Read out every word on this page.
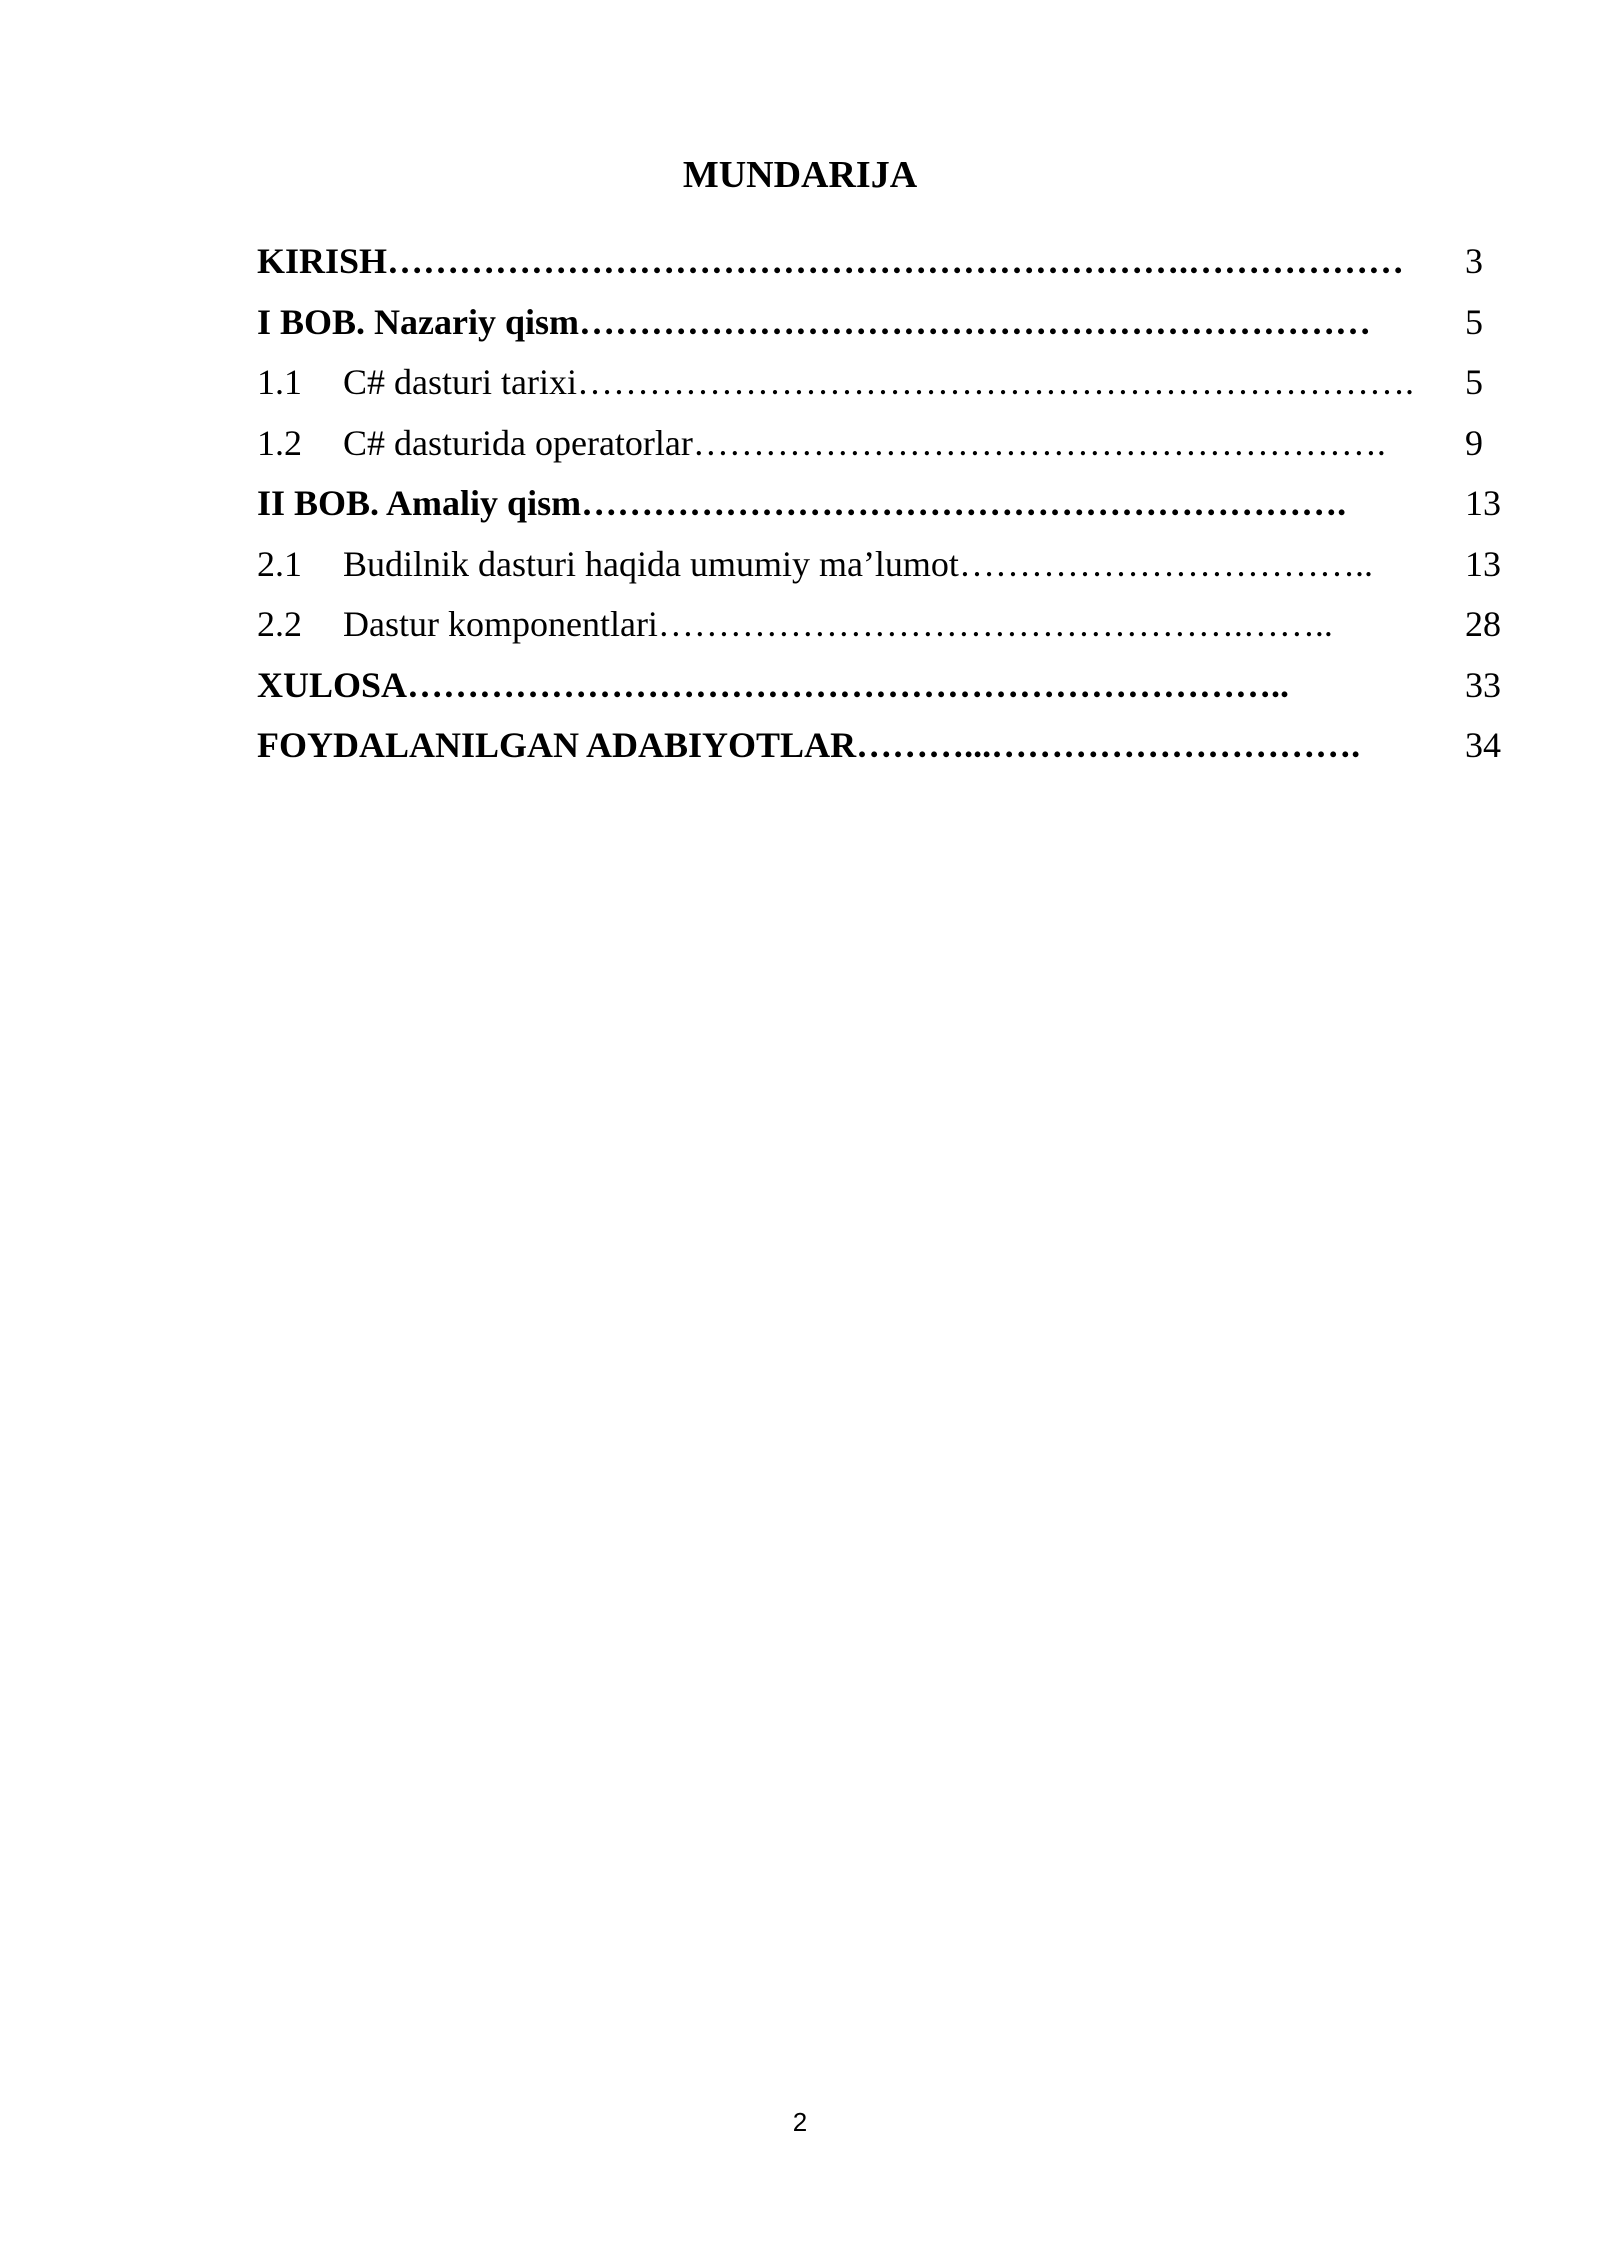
MUNDARIJA
KIRISH………………………………………………………….………………	3
I BOB. Nazariy qism…………………………………………………………	5
1.1 C# dasturi tarixi…………………………………………………………….	5
1.2 C# dasturida operatorlar………………………………………………….	9
II BOB. Amaliy qism……………………………………………………….	13
2.1 Budilnik dasturi haqida umumiy ma’lumot……………………………..	13
2.2 Dastur komponentlari………………………………………….……..	28
XULOSA………………………………………………………………..	33
FOYDALANILGAN ADABIYOTLAR………...………………………….	34
2
